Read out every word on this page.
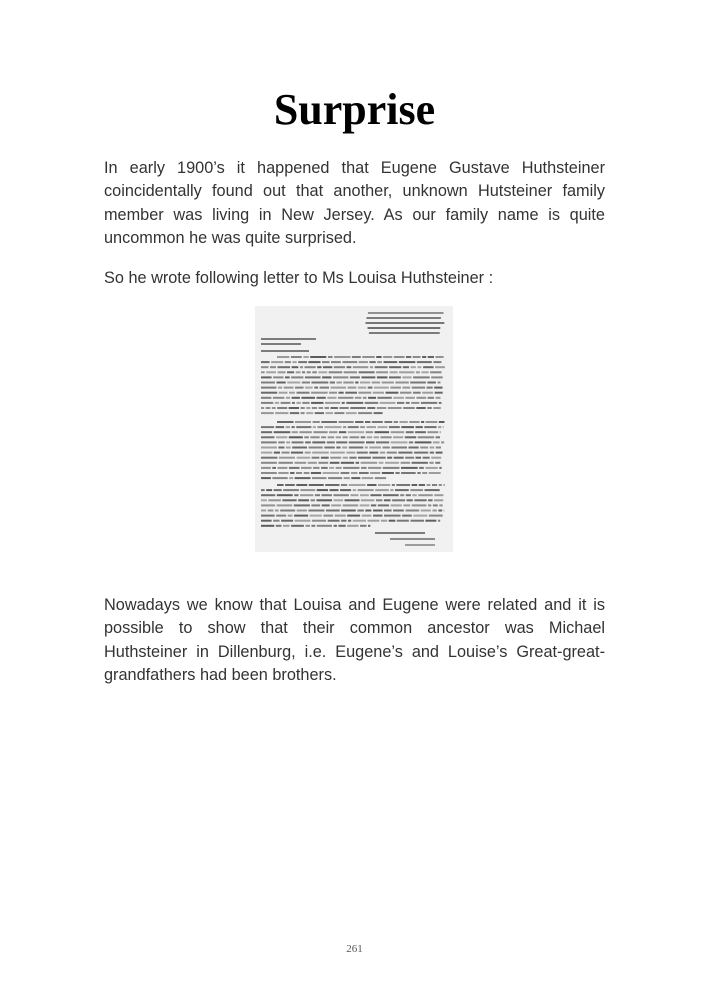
Surprise

In early 1900’s it happened that Eugene Gustave Huthsteiner coincidentally found out that another, unknown Hutsteiner family member was living in New Jersey. As our family name is quite uncommon he was quite surprised.

So he wrote following letter to Ms Louisa Huthsteiner :

Nowadays we know that Louisa and Eugene were related and it is possible to show that their common ancestor was Michael Huthsteiner in Dillenburg, i.e. Eugene’s and Louise’s Great-great-grandfathers had been brothers.

261
